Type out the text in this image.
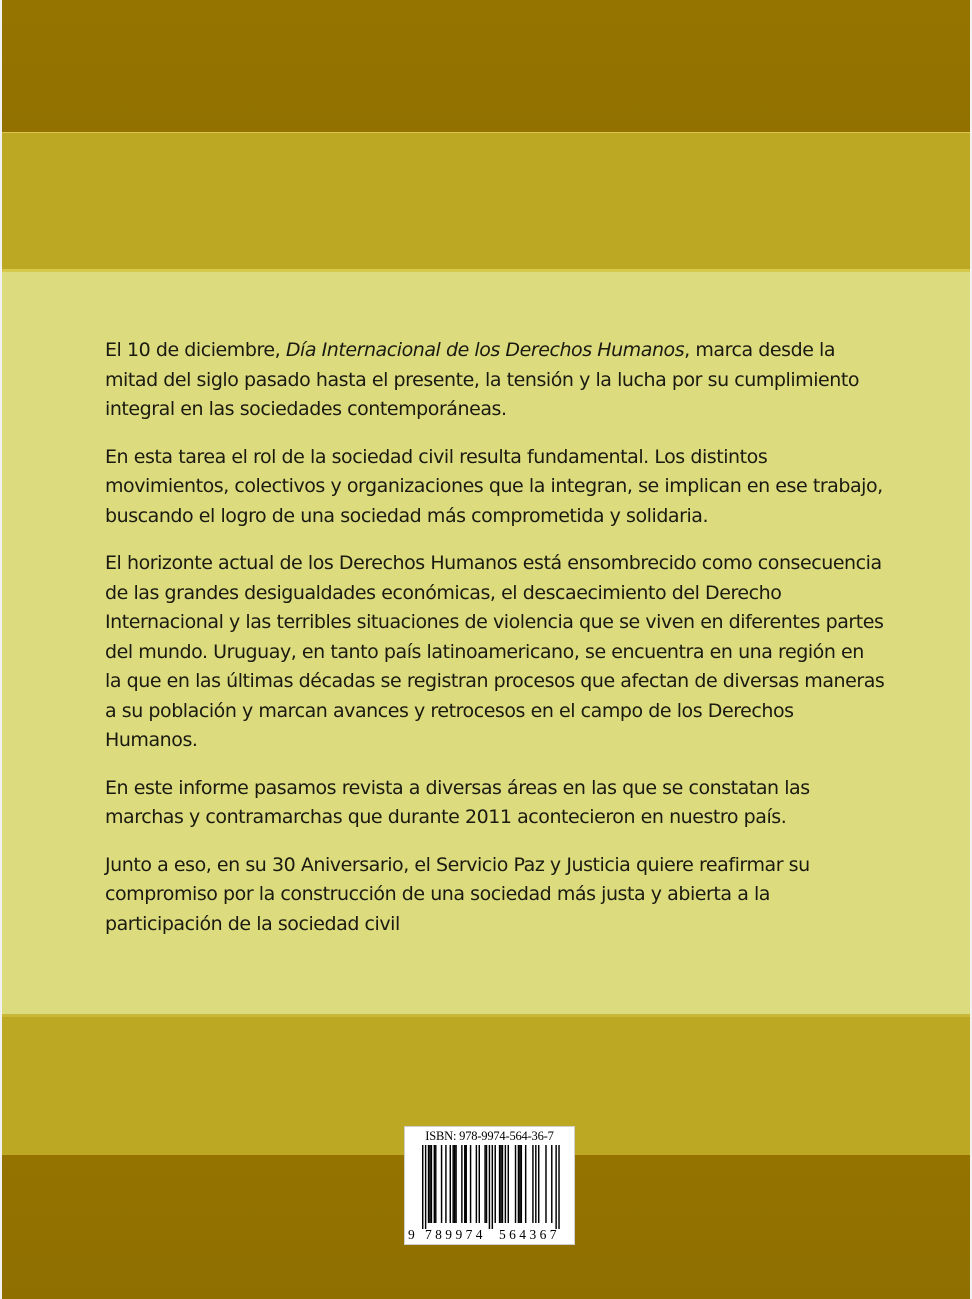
El 10 de diciembre, Día Internacional de los Derechos Humanos, marca desde la mitad del siglo pasado hasta el presente, la tensión y la lucha por su cumplimiento integral en las sociedades contemporáneas.

En esta tarea el rol de la sociedad civil resulta fundamental. Los distintos movimientos, colectivos y organizaciones que la integran, se implican en ese trabajo, buscando el logro de una sociedad más comprometida y solidaria.

El horizonte actual de los Derechos Humanos está ensombrecido como consecuencia de las grandes desigualdades económicas, el descaecimiento del Derecho Internacional y las terribles situaciones de violencia que se viven en diferentes partes del mundo. Uruguay, en tanto país latinoamericano, se encuentra en una región en la que en las últimas décadas se registran procesos que afectan de diversas maneras a su población y marcan avances y retrocesos en el campo de los Derechos Humanos.

En este informe pasamos revista a diversas áreas en las que se constatan las marchas y contramarchas que durante 2011 acontecieron en nuestro país.

Junto a eso, en su 30 Aniversario, el Servicio Paz y Justicia quiere reafirmar su compromiso por la construcción de una sociedad más justa y abierta a la participación de la sociedad civil

ISBN: 978-9974-564-36-7
9 789974 564367
